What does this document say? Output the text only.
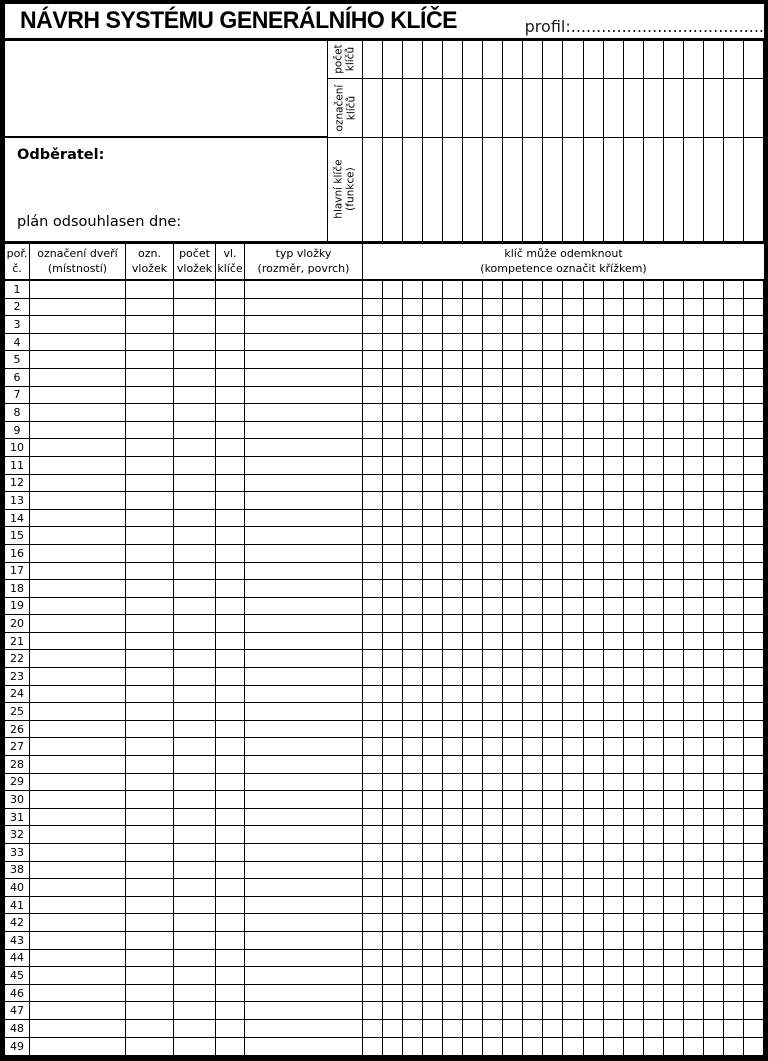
NÁVRH SYSTÉMU GENERÁLNÍHO KLÍČE	profil:......................................
Odběratel:
plán odsouhlasen dne:
počet klíčů
označení klíčů
hlavní klíče (funkce)
poř.
č.
označení dveří
(místností)
ozn.
vložek
počet
vložek
vl.
klíče
typ vložky
(rozměr, povrch)
klíč může odemknout
(kompetence označit křížkem)
1
2
3
4
5
6
7
8
9
10
11
12
13
14
15
16
17
18
19
20
21
22
23
24
25
26
27
28
29
30
31
32
33
38
40
41
42
43
44
45
46
47
48
49
